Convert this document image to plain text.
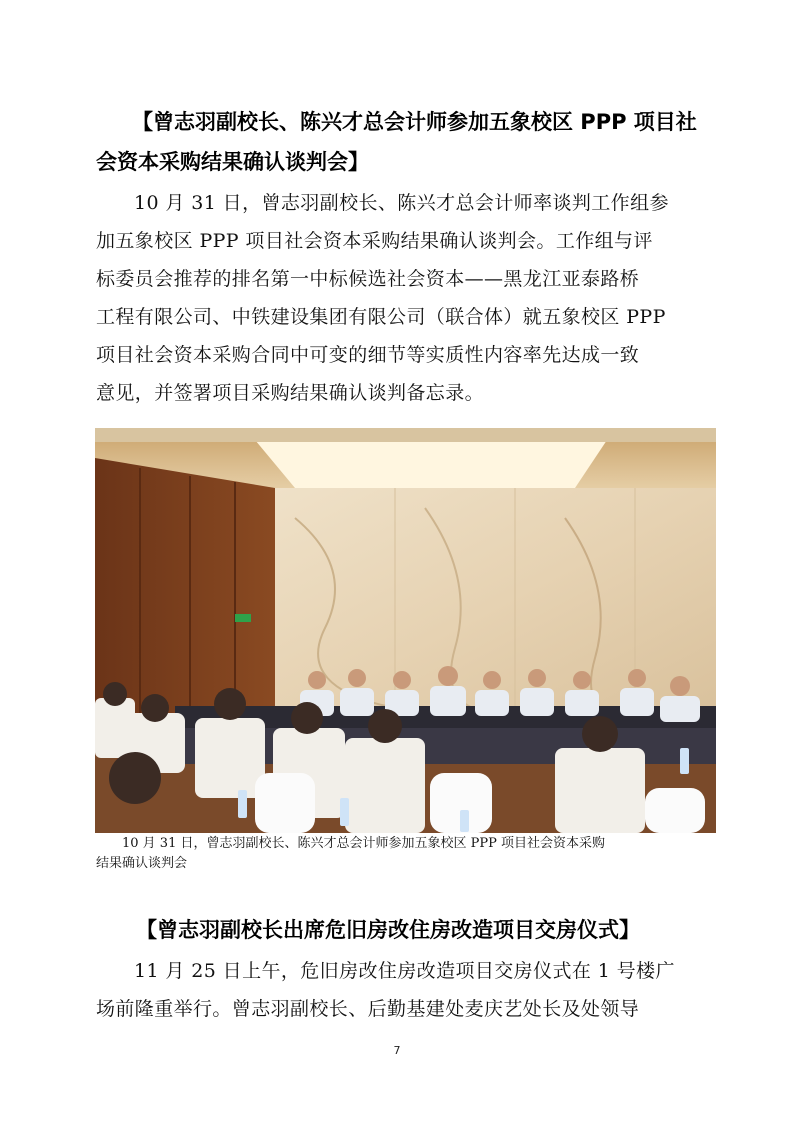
【曾志羽副校长、陈兴才总会计师参加五象校区 PPP 项目社
会资本采购结果确认谈判会】
10 月 31 日，曾志羽副校长、陈兴才总会计师率谈判工作组参
加五象校区 PPP 项目社会资本采购结果确认谈判会。工作组与评
标委员会推荐的排名第一中标候选社会资本——黑龙江亚泰路桥
工程有限公司、中铁建设集团有限公司（联合体）就五象校区 PPP
项目社会资本采购合同中可变的细节等实质性内容率先达成一致
意见，并签署项目采购结果确认谈判备忘录。
10 月 31 日，曾志羽副校长、陈兴才总会计师参加五象校区 PPP 项目社会资本采购
结果确认谈判会
【曾志羽副校长出席危旧房改住房改造项目交房仪式】
11 月 25 日上午，危旧房改住房改造项目交房仪式在 1 号楼广
场前隆重举行。曾志羽副校长、后勤基建处麦庆艺处长及处领导
7
